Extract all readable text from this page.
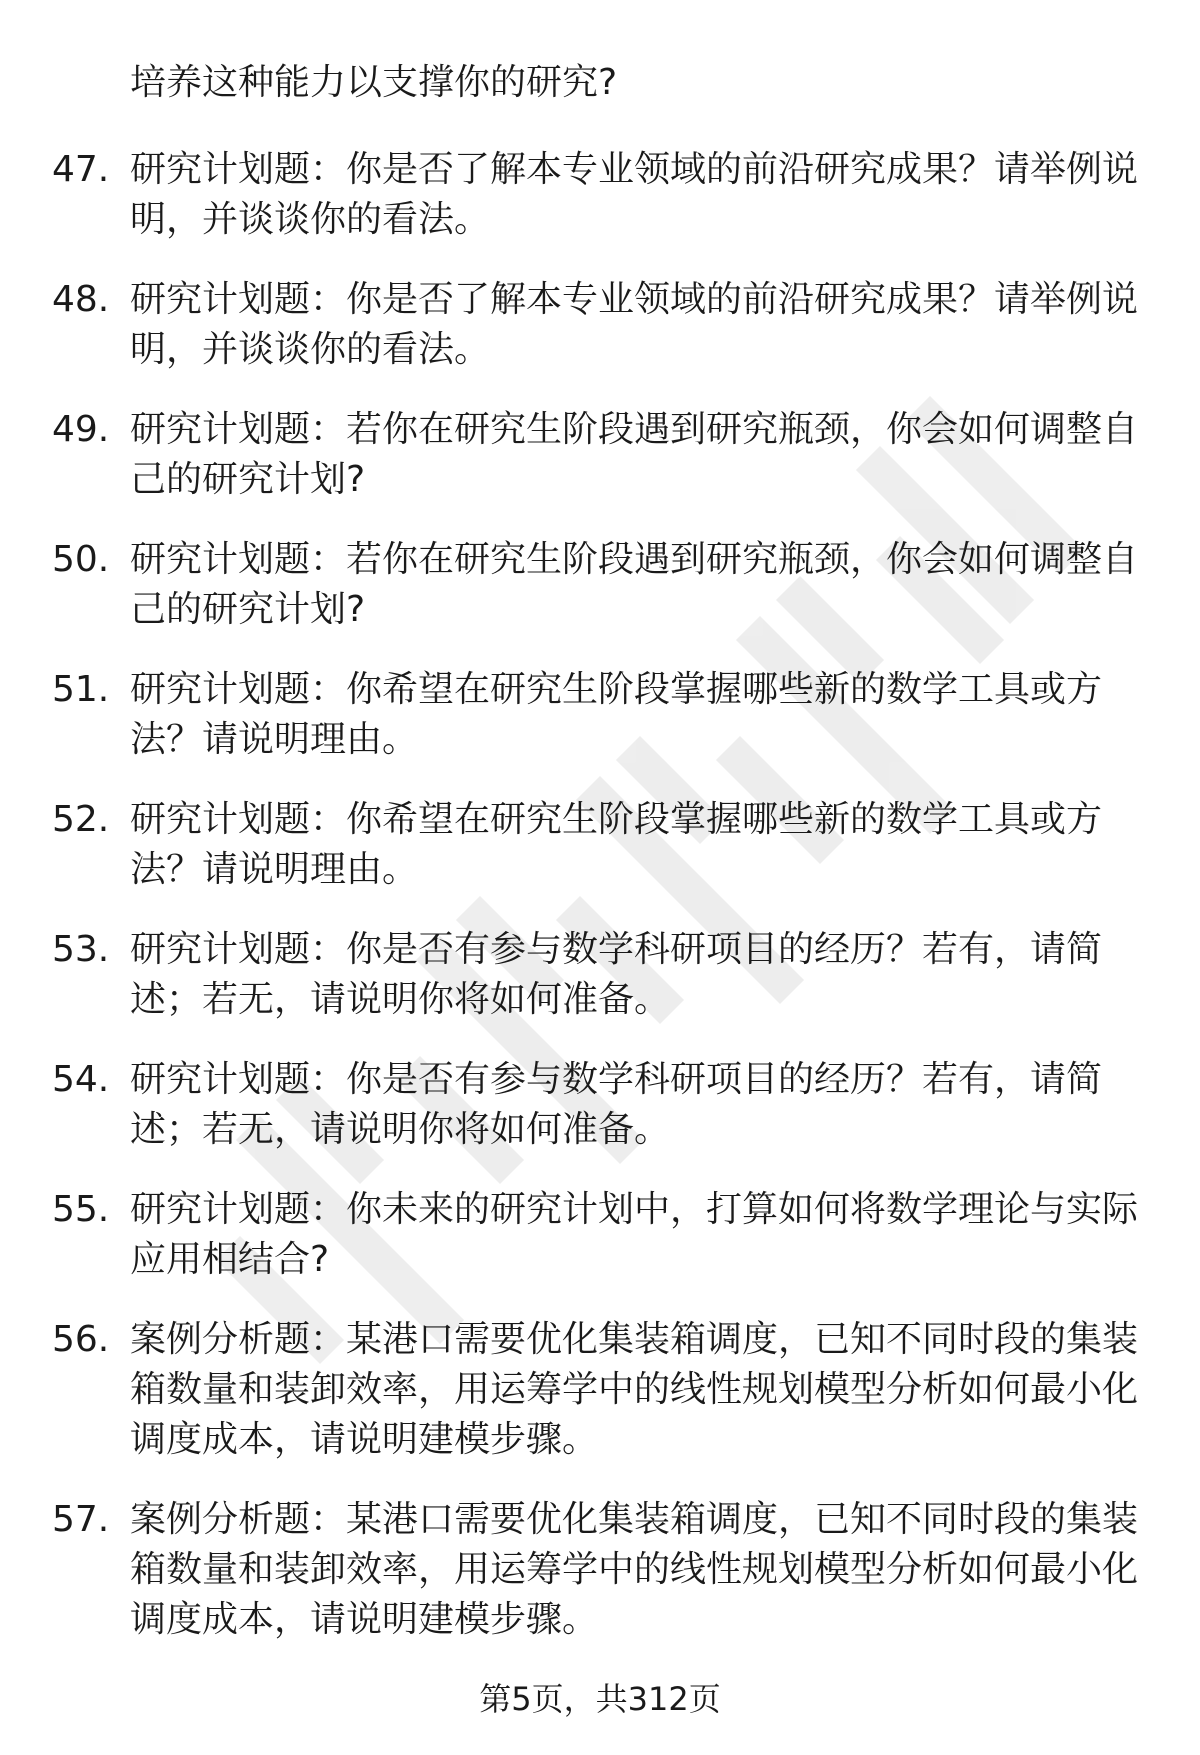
培养这种能力以支撑你的研究?

47. 研究计划题：你是否了解本专业领域的前沿研究成果？请举例说
明，并谈谈你的看法。
48. 研究计划题：你是否了解本专业领域的前沿研究成果？请举例说
明，并谈谈你的看法。
49. 研究计划题：若你在研究生阶段遇到研究瓶颈，你会如何调整自
己的研究计划?
50. 研究计划题：若你在研究生阶段遇到研究瓶颈，你会如何调整自
己的研究计划?
51. 研究计划题：你希望在研究生阶段掌握哪些新的数学工具或方
法？请说明理由。
52. 研究计划题：你希望在研究生阶段掌握哪些新的数学工具或方
法？请说明理由。
53. 研究计划题：你是否有参与数学科研项目的经历？若有，请简
述；若无，请说明你将如何准备。
54. 研究计划题：你是否有参与数学科研项目的经历？若有，请简
述；若无，请说明你将如何准备。
55. 研究计划题：你未来的研究计划中，打算如何将数学理论与实际
应用相结合?
56. 案例分析题：某港口需要优化集装箱调度，已知不同时段的集装
箱数量和装卸效率，用运筹学中的线性规划模型分析如何最小化
调度成本，请说明建模步骤。
57. 案例分析题：某港口需要优化集装箱调度，已知不同时段的集装
箱数量和装卸效率，用运筹学中的线性规划模型分析如何最小化
调度成本，请说明建模步骤。
第5页，共312页
